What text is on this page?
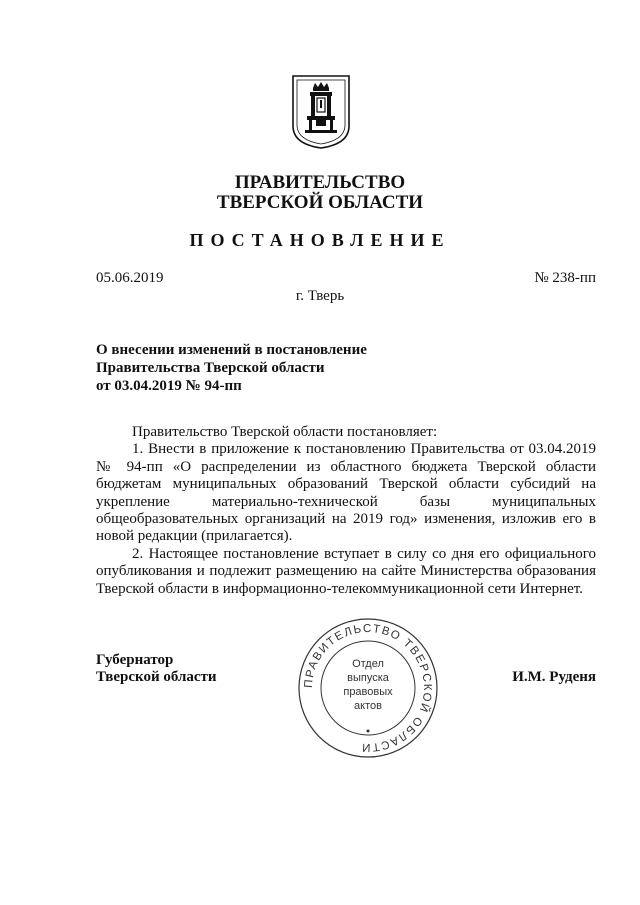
ПРАВИТЕЛЬСТВО
ТВЕРСКОЙ ОБЛАСТИ
ПОСТАНОВЛЕНИЕ
05.06.2019	№ 238-пп
г. Тверь
О внесении изменений в постановление
Правительства Тверской области
от 03.04.2019 № 94-пп

Правительство Тверской области постановляет:

1. Внести в приложение к постановлению Правительства от 03.04.2019 № 94-пп «О распределении из областного бюджета Тверской области бюджетам муниципальных образований Тверской области субсидий на укрепление материально-технической базы муниципальных общеобразовательных организаций на 2019 год» изменения, изложив его в новой редакции (прилагается).

2. Настоящее постановление вступает в силу со дня его официального опубликования и подлежит размещению на сайте Министерства образования Тверской области в информационно-телекоммуникационной сети Интернет.

Губернатор
Тверской области	И.М. Руденя
ПРАВИТЕЛЬСТВО ТВЕРСКОЙ ОБЛАСТИ
Отдел
выпуска
правовых
актов
